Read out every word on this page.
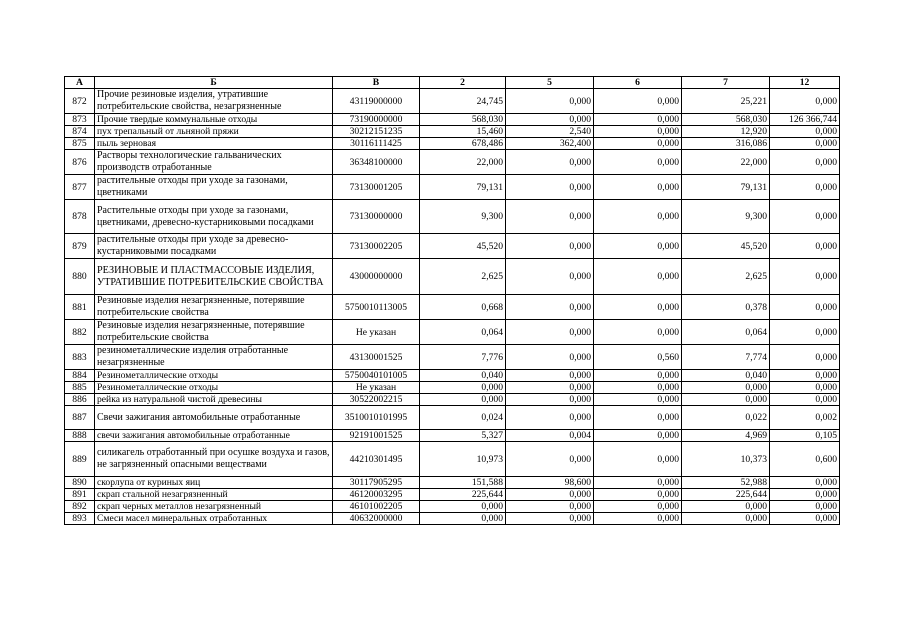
А	Б	В	2	5	6	7	12
872	Прочие резиновые изделия, утратившие потребительские свойства, незагрязненные	43119000000	24,745	0,000	0,000	25,221	0,000
873	Прочие твердые коммунальные отходы	73190000000	568,030	0,000	0,000	568,030	126 366,744
874	пух трепальный от льняной пряжи	30212151235	15,460	2,540	0,000	12,920	0,000
875	пыль зерновая	30116111425	678,486	362,400	0,000	316,086	0,000
876	Растворы технологические гальванических производств отработанные	36348100000	22,000	0,000	0,000	22,000	0,000
877	растительные отходы при уходе за газонами, цветниками	73130001205	79,131	0,000	0,000	79,131	0,000
878	Растительные отходы при уходе за газонами, цветниками, древесно-кустарниковыми посадками	73130000000	9,300	0,000	0,000	9,300	0,000
879	растительные отходы при уходе за древесно-кустарниковыми посадками	73130002205	45,520	0,000	0,000	45,520	0,000
880	РЕЗИНОВЫЕ И ПЛАСТМАССОВЫЕ ИЗДЕЛИЯ, УТРАТИВШИЕ ПОТРЕБИТЕЛЬСКИЕ СВОЙСТВА	43000000000	2,625	0,000	0,000	2,625	0,000
881	Резиновые изделия незагрязненные, потерявшие потребительские свойства	5750010113005	0,668	0,000	0,000	0,378	0,000
882	Резиновые изделия незагрязненные, потерявшие потребительские свойства	Не указан	0,064	0,000	0,000	0,064	0,000
883	резинометаллические изделия отработанные незагрязненные	43130001525	7,776	0,000	0,560	7,774	0,000
884	Резинометаллические отходы	5750040101005	0,040	0,000	0,000	0,040	0,000
885	Резинометаллические отходы	Не указан	0,000	0,000	0,000	0,000	0,000
886	рейка из натуральной чистой древесины	30522002215	0,000	0,000	0,000	0,000	0,000
887	Свечи зажигания автомобильные отработанные	3510010101995	0,024	0,000	0,000	0,022	0,002
888	свечи зажигания автомобильные отработанные	92191001525	5,327	0,004	0,000	4,969	0,105
889	силикагель отработанный при осушке воздуха и газов, не загрязненный опасными веществами	44210301495	10,973	0,000	0,000	10,373	0,600
890	скорлупа от куриных яиц	30117905295	151,588	98,600	0,000	52,988	0,000
891	скрап стальной незагрязненный	46120003295	225,644	0,000	0,000	225,644	0,000
892	скрап черных металлов незагрязненный	46101002205	0,000	0,000	0,000	0,000	0,000
893	Смеси масел минеральных отработанных	40632000000	0,000	0,000	0,000	0,000	0,000
